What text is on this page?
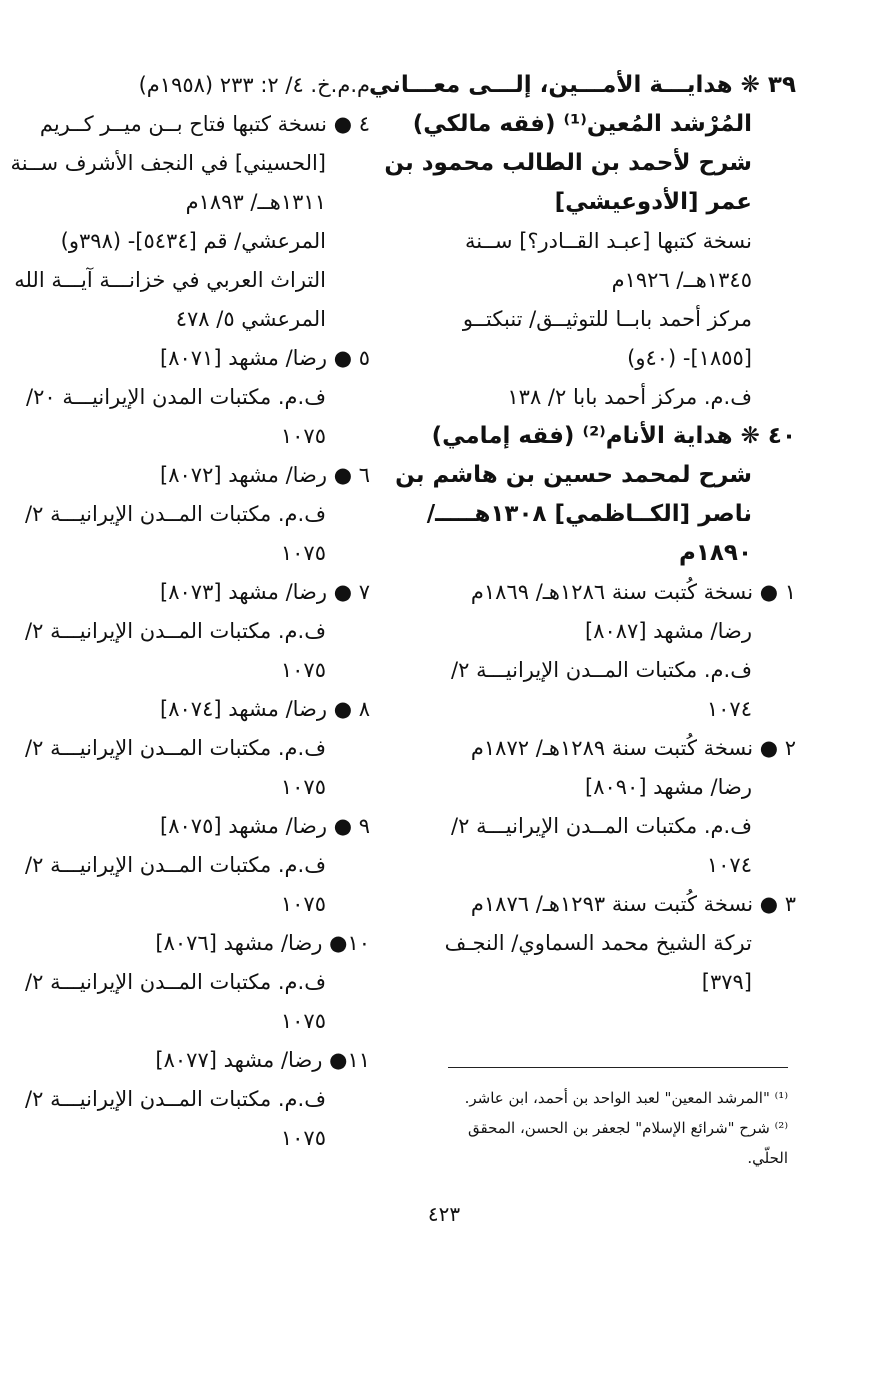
٣٩ ❋ هدايـــة الأمـــين، إلـــى معـــاني
المُرْشد المُعين⁽¹⁾ (فقه مالكي)
شرح لأحمد بن الطالب محمود بن
عمر [الأدوعيشي]
نسخة كتبها [عبـد القــادر؟] ســنة
١٣٤٥هــ/ ١٩٢٦م
مركز أحمد بابــا للتوثيــق/ تنبكتــو
[١٨٥٥]- (٤٠و)
ف.م. مركز أحمد بابا ٢/ ١٣٨
٤٠ ❋ هداية الأنام⁽²⁾ (فقه إمامي)
شرح لمحمد حسين بن هاشم بن
ناصر [الكــاظمي] ١٣٠٨هـــــ/
١٨٩٠م
١ ● نسخة كُتبت سنة ١٢٨٦هـ/ ١٨٦٩م
رضا/ مشهد [٨٠٨٧]
ف.م. مكتبات المــدن الإيرانيـــة ٢/
١٠٧٤
٢ ● نسخة كُتبت سنة ١٢٨٩هـ/ ١٨٧٢م
رضا/ مشهد [٨٠٩٠]
ف.م. مكتبات المــدن الإيرانيـــة ٢/
١٠٧٤
٣ ● نسخة كُتبت سنة ١٢٩٣هـ/ ١٨٧٦م
تركة الشيخ محمد السماوي/ النجـف
[٣٧٩]
م.م.خ. ٤/ ٢: ٢٣٣ (١٩٥٨م)
٤ ● نسخة كتبها فتاح بــن ميــر كــريم
[الحسيني] في النجف الأشرف ســنة
١٣١١هــ/ ١٨٩٣م
المرعشي/ قم [٥٤٣٤]- (٣٩٨و)
التراث العربي في خزانـــة آيـــة الله
المرعشي ٥/ ٤٧٨
٥ ● رضا/ مشهد [٨٠٧١]
ف.م. مكتبات المدن الإيرانيـــة ٢٠/
١٠٧٥
٦ ● رضا/ مشهد [٨٠٧٢]
ف.م. مكتبات المــدن الإيرانيـــة ٢/
١٠٧٥
٧ ● رضا/ مشهد [٨٠٧٣]
ف.م. مكتبات المــدن الإيرانيـــة ٢/
١٠٧٥
٨ ● رضا/ مشهد [٨٠٧٤]
ف.م. مكتبات المــدن الإيرانيـــة ٢/
١٠٧٥
٩ ● رضا/ مشهد [٨٠٧٥]
ف.م. مكتبات المــدن الإيرانيـــة ٢/
١٠٧٥
١٠● رضا/ مشهد [٨٠٧٦]
ف.م. مكتبات المــدن الإيرانيـــة ٢/
١٠٧٥
١١● رضا/ مشهد [٨٠٧٧]
ف.م. مكتبات المــدن الإيرانيـــة ٢/
١٠٧٥
⁽¹⁾ "المرشد المعين" لعبد الواحد بن أحمد، ابن عاشر.
⁽²⁾ شرح "شرائع الإسلام" لجعفر بن الحسن، المحقق
الحلّي.
٤٢٣
